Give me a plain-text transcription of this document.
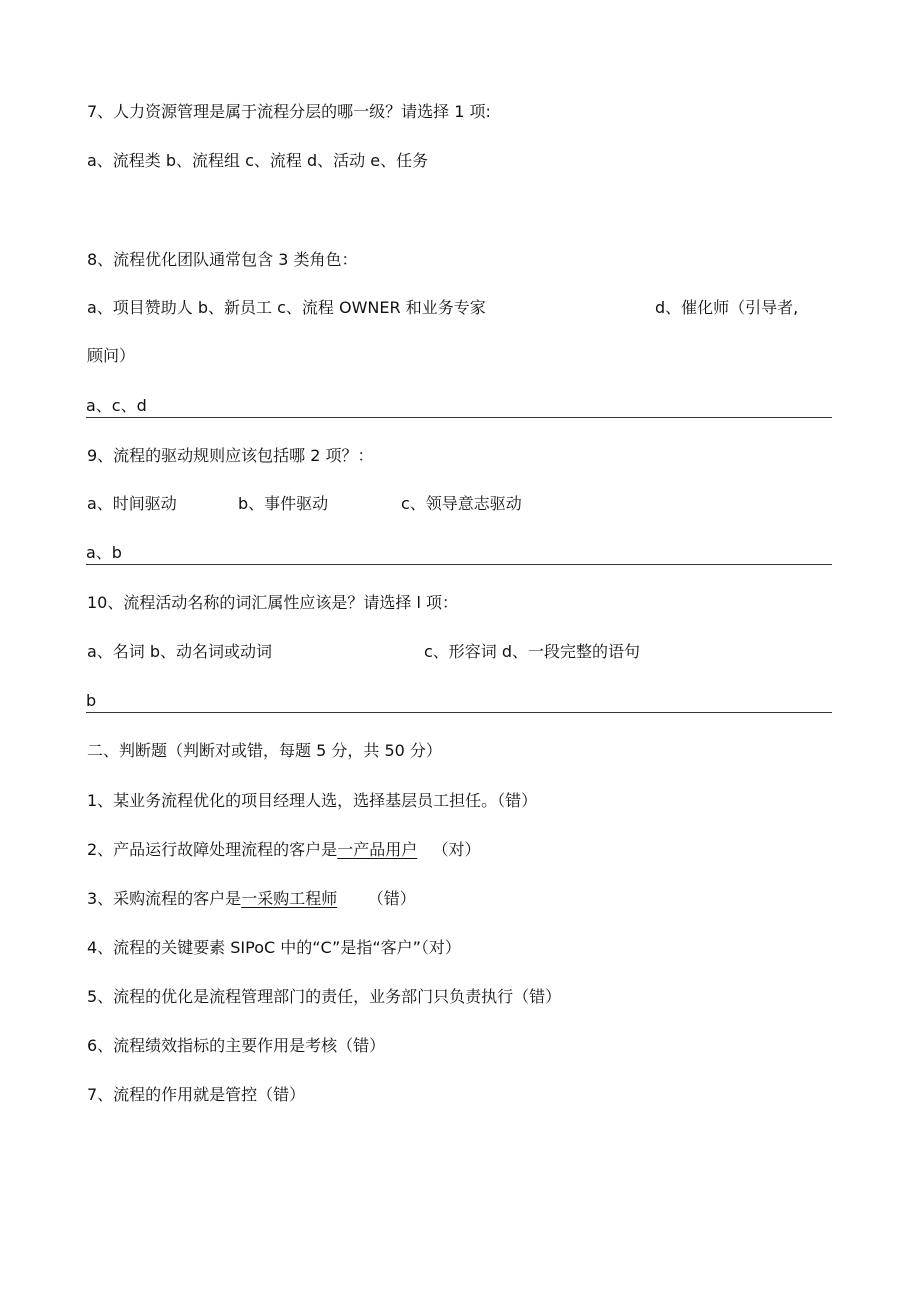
7、人力资源管理是属于流程分层的哪一级？请选择 1 项:
a、流程类 b、流程组 c、流程 d、活动 e、任务
8、流程优化团队通常包含 3 类角色：
a、项目赞助人 b、新员工 c、流程 OWNER 和业务专家	d、催化师（引导者,
顾问）
a、c、d
9、流程的驱动规则应该包括哪 2 项？：
a、时间驱动	b、事件驱动	c、领导意志驱动
a、b
10、流程活动名称的词汇属性应该是？请选择 l 项：
a、名词 b、动名词或动词	c、形容词 d、一段完整的语句
b
二、判断题（判断对或错，每题 5 分，共 50 分）
1、某业务流程优化的项目经理人选，选择基层员工担任。（错）
2、产品运行故障处理流程的客户是一产品用户   （对）
3、采购流程的客户是一采购工程师      （错）
4、流程的关键要素 SIPoC 中的“C”是指“客户”（对）
5、流程的优化是流程管理部门的责任，业务部门只负责执行（错）
6、流程绩效指标的主要作用是考核（错）
7、流程的作用就是管控（错）
